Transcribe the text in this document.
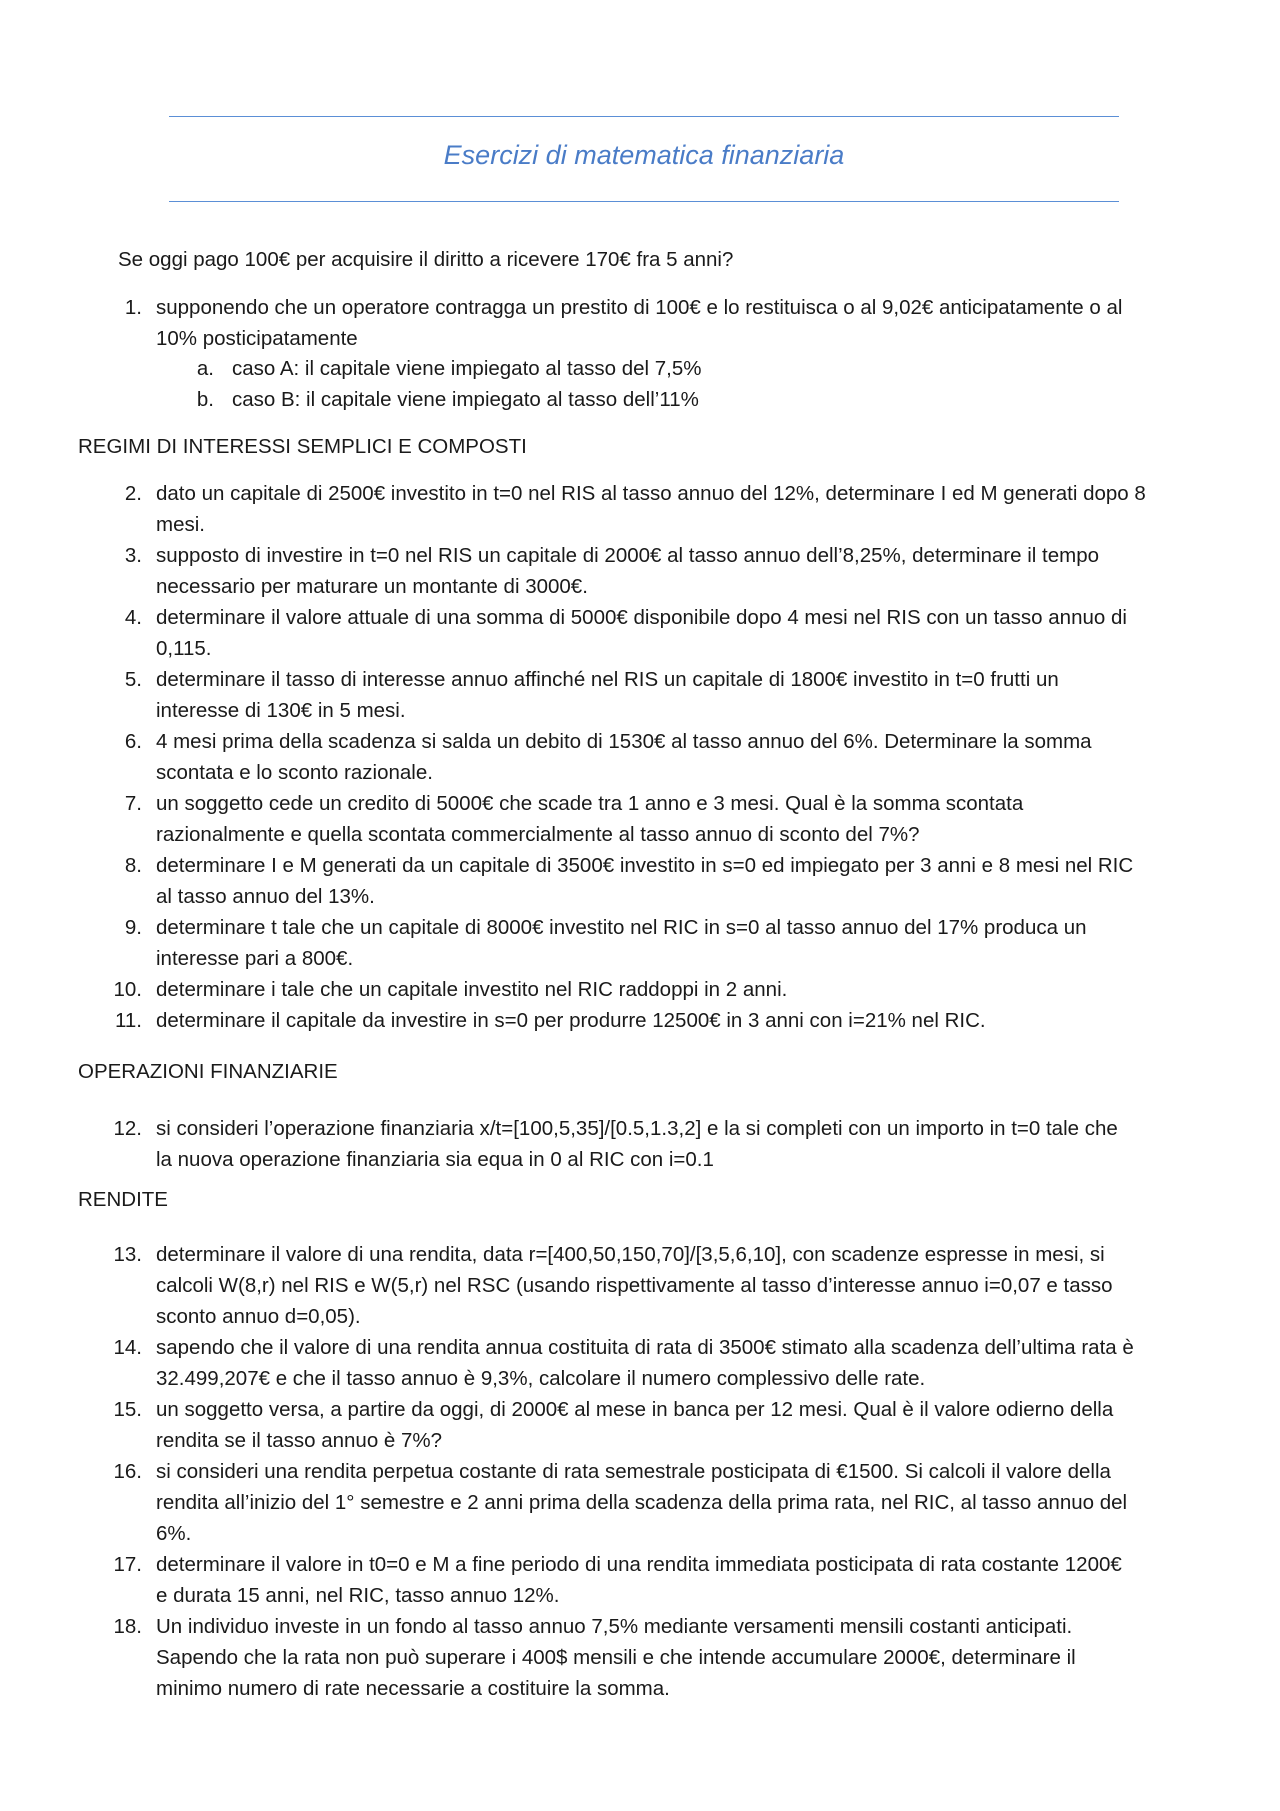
Esercizi di matematica finanziaria
Se oggi pago 100€ per acquisire il diritto a ricevere 170€ fra 5 anni?
REGIMI DI INTERESSI SEMPLICI E COMPOSTI
OPERAZIONI FINANZIARIE
RENDITE
a. caso A: il capitale viene impiegato al tasso del 7,5%
b. caso B: il capitale viene impiegato al tasso dell’11%
1. supponendo che un operatore contragga un prestito di 100€ e lo restituisca o al 9,02€ anticipatamente o al
10% posticipatamente
2. dato un capitale di 2500€ investito in t=0 nel RIS al tasso annuo del 12%, determinare I ed M generati dopo 8
mesi.
3. supposto di investire in t=0 nel RIS un capitale di 2000€ al tasso annuo dell’8,25%, determinare il tempo
necessario per maturare un montante di 3000€.
4. determinare il valore attuale di una somma di 5000€ disponibile dopo 4 mesi nel RIS con un tasso annuo di
0,115.
5. determinare il tasso di interesse annuo affinché nel RIS un capitale di 1800€ investito in t=0 frutti un
interesse di 130€ in 5 mesi.
6. 4 mesi prima della scadenza si salda un debito di 1530€ al tasso annuo del 6%. Determinare la somma
scontata e lo sconto razionale.
7. un soggetto cede un credito di 5000€ che scade tra 1 anno e 3 mesi. Qual è la somma scontata
razionalmente e quella scontata commercialmente al tasso annuo di sconto del 7%?
8. determinare I e M generati da un capitale di 3500€ investito in s=0 ed impiegato per 3 anni e 8 mesi nel RIC
al tasso annuo del 13%.
9. determinare t tale che un capitale di 8000€ investito nel RIC in s=0 al tasso annuo del 17% produca un
interesse pari a 800€.
10. determinare i tale che un capitale investito nel RIC raddoppi in 2 anni.
11. determinare il capitale da investire in s=0 per produrre 12500€ in 3 anni con i=21% nel RIC.
12. si consideri l’operazione finanziaria x/t=[100,5,35]/[0.5,1.3,2] e la si completi con un importo in t=0 tale che
la nuova operazione finanziaria sia equa in 0 al RIC con i=0.1
13. determinare il valore di una rendita, data r=[400,50,150,70]/[3,5,6,10], con scadenze espresse in mesi, si
calcoli W(8,r) nel RIS e W(5,r) nel RSC (usando rispettivamente al tasso d’interesse annuo i=0,07 e tasso
sconto annuo d=0,05).
14. sapendo che il valore di una rendita annua costituita di rata di 3500€ stimato alla scadenza dell’ultima rata è
32.499,207€ e che il tasso annuo è 9,3%, calcolare il numero complessivo delle rate.
15. un soggetto versa, a partire da oggi, di 2000€ al mese in banca per 12 mesi. Qual è il valore odierno della
rendita se il tasso annuo è 7%?
16. si consideri una rendita perpetua costante di rata semestrale posticipata di €1500. Si calcoli il valore della
rendita all’inizio del 1° semestre e 2 anni prima della scadenza della prima rata, nel RIC, al tasso annuo del
6%.
17. determinare il valore in t0=0 e M a fine periodo di una rendita immediata posticipata di rata costante 1200€
e durata 15 anni, nel RIC, tasso annuo 12%.
18. Un individuo investe in un fondo al tasso annuo 7,5% mediante versamenti mensili costanti anticipati.
Sapendo che la rata non può superare i 400$ mensili e che intende accumulare 2000€, determinare il
minimo numero di rate necessarie a costituire la somma.
